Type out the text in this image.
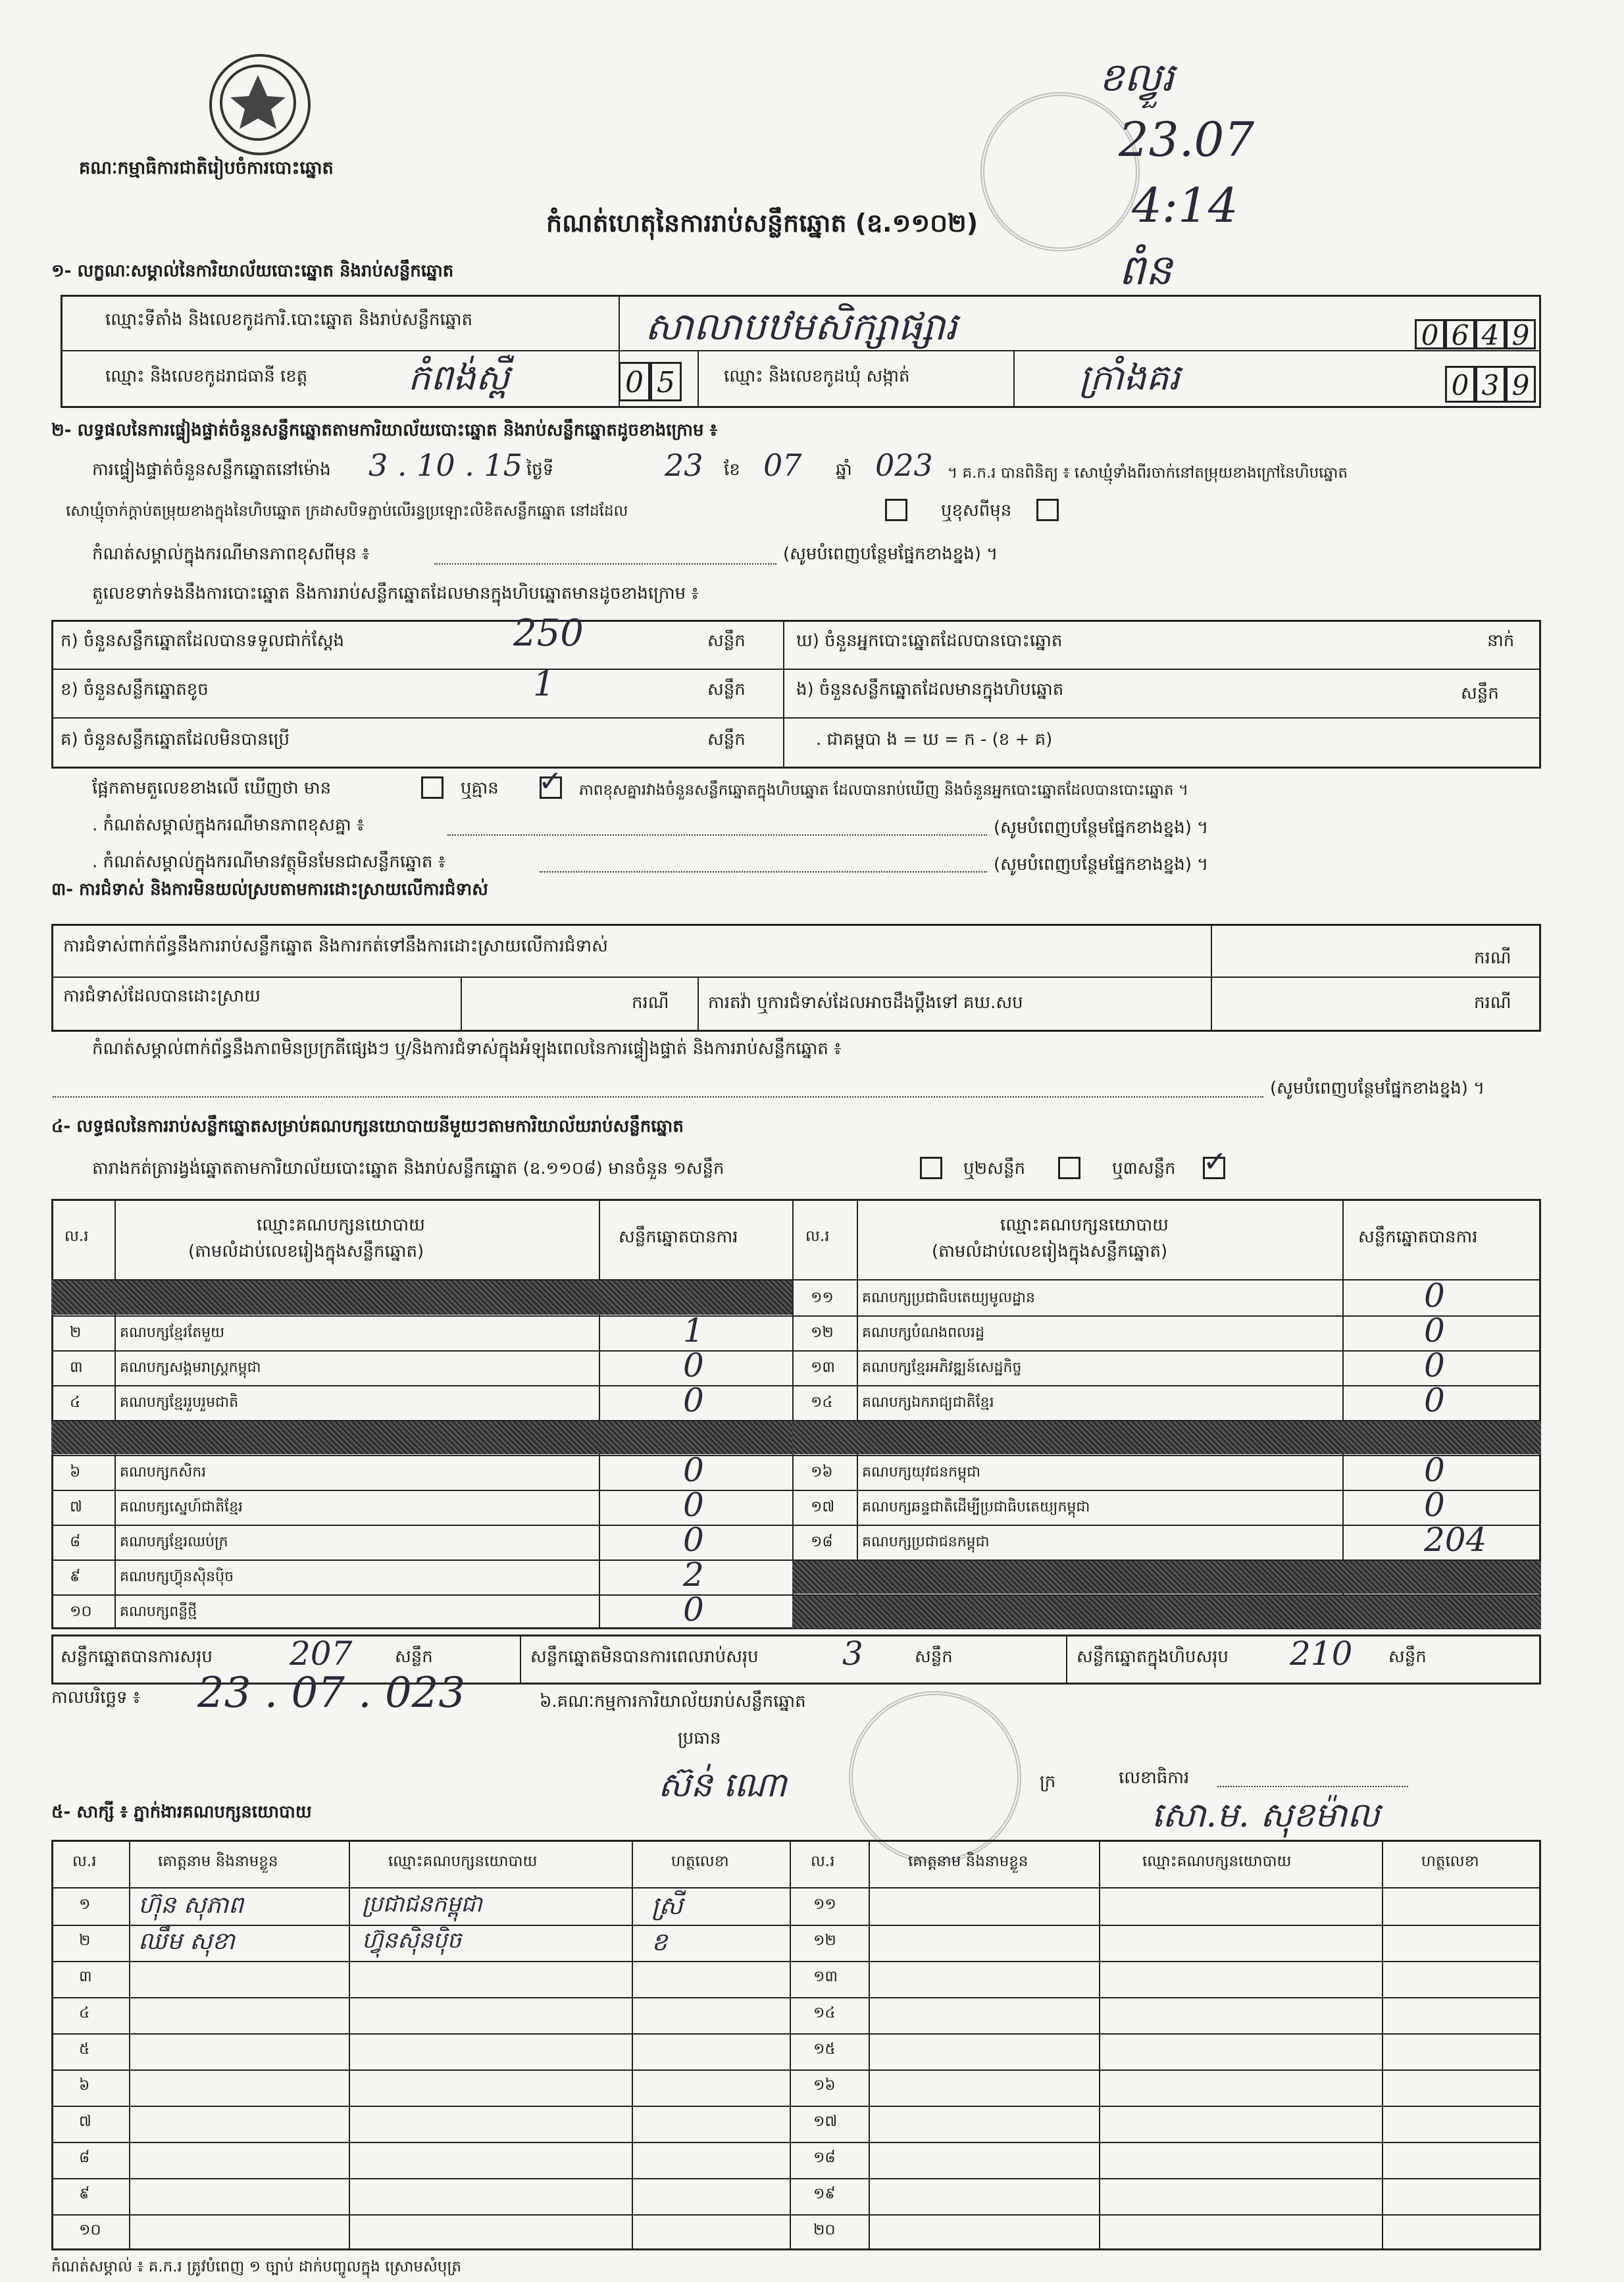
គណៈកម្មាធិការជាតិរៀបចំការបោះឆ្នោត
កំណត់ហេតុនៃការរាប់សន្លឹកឆ្នោត (ឧ.១១០២)
ខល្វួរ
23.07
4:14
ពំន
១- លក្ខណៈសម្គាល់នៃការិយាល័យបោះឆ្នោត និងរាប់សន្លឹកឆ្នោត
ឈ្មោះទីតាំង និងលេខកូដការិ.បោះឆ្នោត និងរាប់សន្លឹកឆ្នោត	សាលាបឋមសិក្សាផ្សារ	0 6 4 9
ឈ្មោះ និងលេខកូដរាជធានី ខេត្ត	កំពង់ស្ពឺ	0 5	ឈ្មោះ និងលេខកូដឃុំ សង្កាត់	ក្រាំងគរ	0 3 9
២- លទ្ធផលនៃការផ្ទៀងផ្ទាត់ចំនួនសន្លឹកឆ្នោតតាមការិយាល័យបោះឆ្នោត និងរាប់សន្លឹកឆ្នោតដូចខាងក្រោម ៖
ការផ្ទៀងផ្ទាត់ចំនួនសន្លឹកឆ្នោតនៅម៉ោង 3 . 10 . 15 ថ្ងៃទី	23 ខែ 07 ឆ្នាំ 023 ។ គ.ក.រ បានពិនិត្យ ៖ សោឃ្មុំទាំងពីរចាក់នៅតម្រុយខាងក្រៅនៃហិបឆ្នោត
សោឃ្មុំចាក់ក្ដាប់តម្រុយខាងក្នុងនៃហិបឆ្នោត ក្រដាសបិទភ្ជាប់លើរន្ធប្រឡោះលិខិតសន្លឹកឆ្នោត នៅដដែល	ឬខុសពីមុន
កំណត់សម្គាល់ក្នុងករណីមានភាពខុសពីមុន ៖	(សូមបំពេញបន្ថែមផ្នែកខាងខ្នង) ។
តួលេខទាក់ទងនឹងការបោះឆ្នោត និងការរាប់សន្លឹកឆ្នោតដែលមានក្នុងហិបឆ្នោតមានដូចខាងក្រោម ៖
ក) ចំនួនសន្លឹកឆ្នោតដែលបានទទួលជាក់ស្ដែង	250	សន្លឹក
ខ) ចំនួនសន្លឹកឆ្នោតខូច	1	សន្លឹក
គ) ចំនួនសន្លឹកឆ្នោតដែលមិនបានប្រើ	សន្លឹក
ឃ) ចំនួនអ្នកបោះឆ្នោតដែលបានបោះឆ្នោត	នាក់
ង) ចំនួនសន្លឹកឆ្នោតដែលមានក្នុងហិបឆ្នោត	សន្លឹក
. ជាគម្ពបា ង = ឃ = ក - (ខ + គ)
ផ្អែកតាមតួលេខខាងលើ ឃើញថា មាន	ឬគ្មាន ✓ ភាពខុសគ្នារវាងចំនួនសន្លឹកឆ្នោតក្នុងហិបឆ្នោត ដែលបានរាប់ឃើញ និងចំនួនអ្នកបោះឆ្នោតដែលបានបោះឆ្នោត ។
. កំណត់សម្គាល់ក្នុងករណីមានភាពខុសគ្នា ៖	(សូមបំពេញបន្ថែមផ្នែកខាងខ្នង) ។
. កំណត់សម្គាល់ក្នុងករណីមានវត្ថុមិនមែនជាសន្លឹកឆ្នោត ៖	(សូមបំពេញបន្ថែមផ្នែកខាងខ្នង) ។
៣- ការជំទាស់ និងការមិនយល់ស្របតាមការដោះស្រាយលើការជំទាស់
ការជំទាស់ពាក់ព័ន្ធនឹងការរាប់សន្លឹកឆ្នោត និងការកត់ទៅនឹងការដោះស្រាយលើការជំទាស់
ករណី
ការជំទាស់ដែលបានដោះស្រាយ	ករណី ការតវ៉ា ឬការជំទាស់ដែលអាចដឹងប្ដឹងទៅ គឃ.សប	ករណី
កំណត់សម្គាល់ពាក់ព័ន្ធនឹងភាពមិនប្រក្រតីផ្សេងៗ ឬ/និងការជំទាស់ក្នុងអំឡុងពេលនៃការផ្ទៀងផ្ទាត់ និងការរាប់សន្លឹកឆ្នោត ៖
(សូមបំពេញបន្ថែមផ្នែកខាងខ្នង) ។
៤- លទ្ធផលនៃការរាប់សន្លឹកឆ្នោតសម្រាប់គណបក្សនយោបាយនីមួយៗតាមការិយាល័យរាប់សន្លឹកឆ្នោត
តារាងកត់ត្រារង្វង់ឆ្នោតតាមការិយាល័យបោះឆ្នោត និងរាប់សន្លឹកឆ្នោត (ឧ.១១០៨) មានចំនួន ១សន្លឹក	ឬ២សន្លឹក	ឬ៣សន្លឹក ✓
ល.រ
ឈ្មោះគណបក្សនយោបាយ
(តាមលំដាប់លេខរៀងក្នុងសន្លឹកឆ្នោត)
សន្លឹកឆ្នោតបានការ	ល.រ
ឈ្មោះគណបក្សនយោបាយ
(តាមលំដាប់លេខរៀងក្នុងសន្លឹកឆ្នោត)
សន្លឹកឆ្នោតបានការ
២	គណបក្សខ្មែរតែមួយ	1
៣	គណបក្សសង្គមរាស្ត្រកម្ពុជា	0
៤	គណបក្សខ្មែររួបរួមជាតិ	0
៦	គណបក្សកសិករ	0
៧	គណបក្សស្នេហ៍ជាតិខ្មែរ	0
៨	គណបក្សខ្មែរឈប់ក្រ	0
៩	គណបក្សហ៊្វុនស៊ិនប៉ិច	2
១០ គណបក្សពន្លឺថ្មី	0
១១ គណបក្សប្រជាធិបតេយ្យមូលដ្ឋាន	0
១២ គណបក្សបំណងពលរដ្ឋ	0
១៣ គណបក្សខ្មែរអភិវឌ្ឍន៍សេដ្ឋកិច្ច	0
១៤ គណបក្សឯករាជ្យជាតិខ្មែរ	0
១៦ គណបក្សយុវជនកម្ពុជា	0
១៧ គណបក្សឆន្ទជាតិដើម្បីប្រជាធិបតេយ្យកម្ពុជា	0
១៨ គណបក្សប្រជាជនកម្ពុជា	204
សន្លឹកឆ្នោតបានការសរុប 207 សន្លឹក	សន្លឹកឆ្នោតមិនបានការពេលរាប់សរុប	3	សន្លឹក	សន្លឹកឆ្នោតក្នុងហិបសរុប 210 សន្លឹក
កាលបរិច្ឆេទ ៖ 23 . 07 . 023	៦.គណៈកម្មការការិយាល័យរាប់សន្លឹកឆ្នោត
ប្រធាន
ក្រ
ស៊ន់ ណោ	លេខាធិការ
សោ.ម. សុខម៉ាល
៥- សាក្សី ៖ ភ្នាក់ងារគណបក្សនយោបាយ
ល.រ	គោត្តនាម និងនាមខ្លួន	ឈ្មោះគណបក្សនយោបាយ	ហត្ថលេខា	ល.រ	គោត្តនាម និងនាមខ្លួន	ឈ្មោះគណបក្សនយោបាយ	ហត្ថលេខា
១ ហ៊ុន សុភាព	ប្រជាជនកម្ពុជា	ស្រី	១១
២ ឈឹម សុខា	ហ៊្វុនស៊ិនប៉ិច	ខ	១២
៣	១៣
៤	១៤
៥	១៥
៦	១៦
៧	១៧
៨	១៨
៩	១៩
១០	២០
កំណត់សម្គាល់ ៖ គ.ក.រ ត្រូវបំពេញ ១ ច្បាប់ ដាក់បញ្ចូលក្នុង ស្រោមសំបុត្រ
